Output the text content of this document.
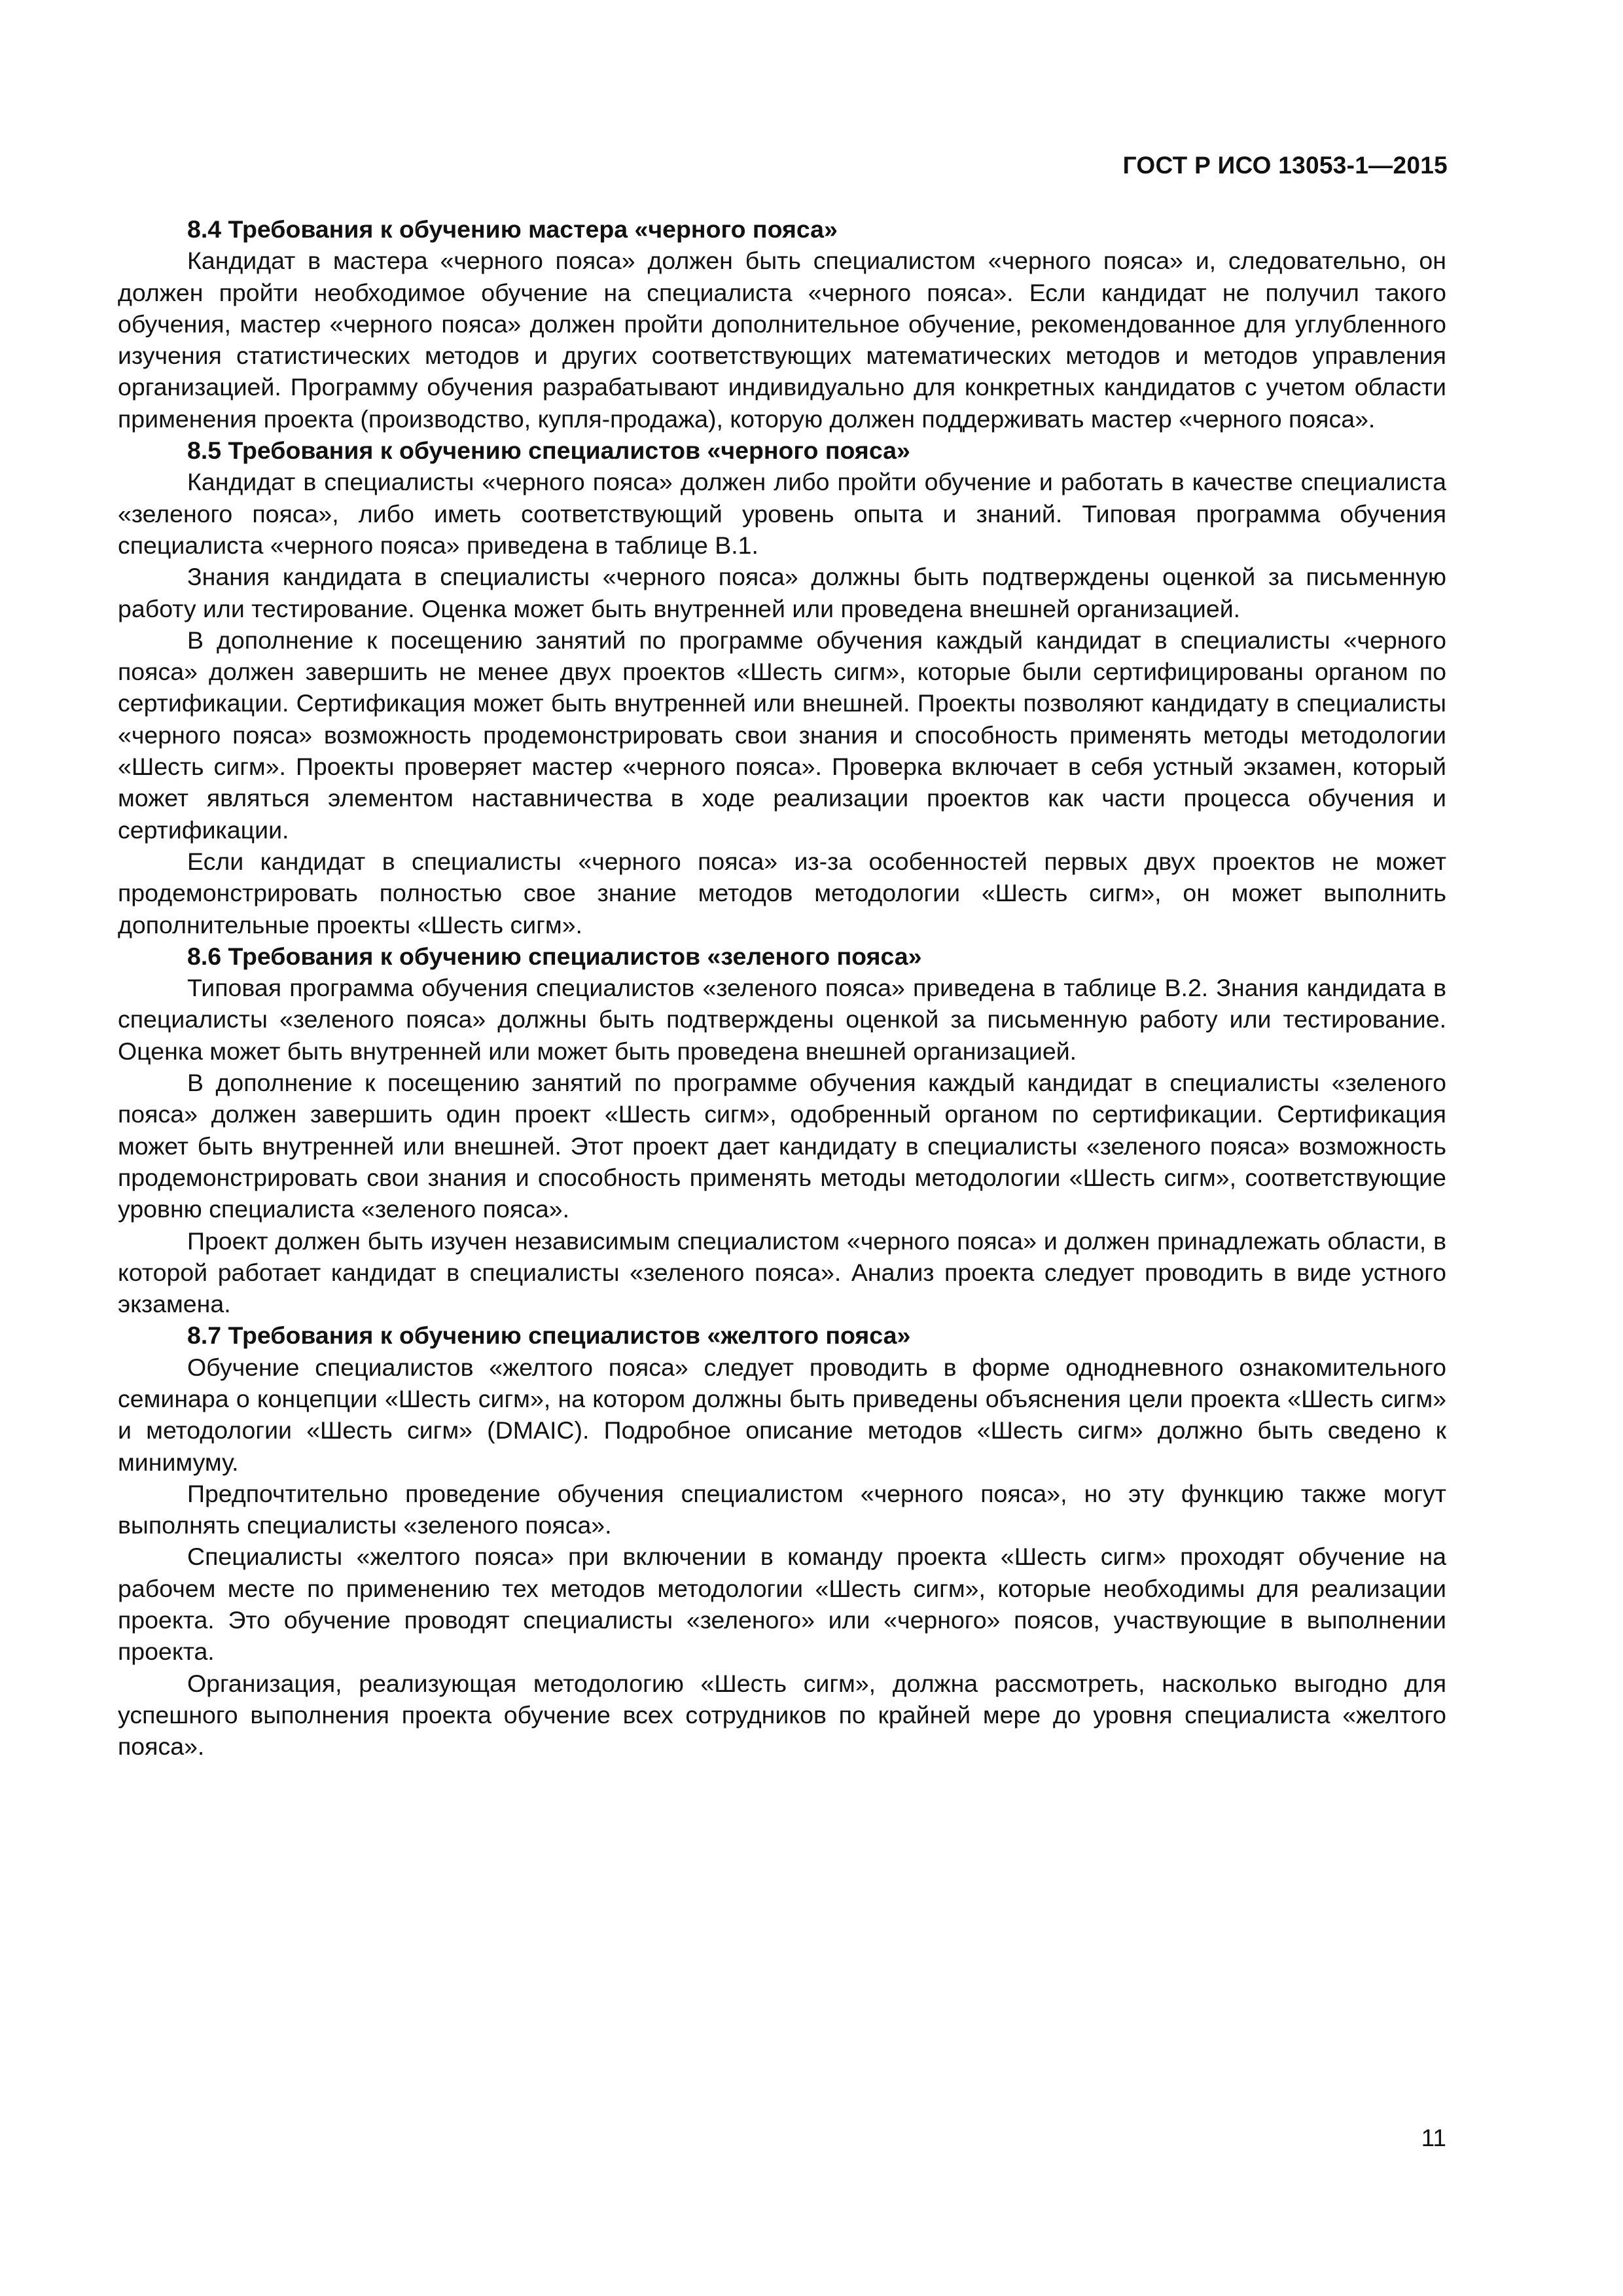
ГОСТ Р ИСО 13053-1—2015

8.4 Требования к обучению мастера «черного пояса»

Кандидат в мастера «черного пояса» должен быть специалистом «черного пояса» и, следовательно, он должен пройти необходимое обучение на специалиста «черного пояса». Если кандидат не получил такого обучения, мастер «черного пояса» должен пройти дополнительное обучение, рекомендованное для углубленного изучения статистических методов и других соответствующих математических методов и методов управления организацией. Программу обучения разрабатывают индивидуально для конкретных кандидатов с учетом области применения проекта (производство, купля-продажа), которую должен поддерживать мастер «черного пояса».

8.5 Требования к обучению специалистов «черного пояса»

Кандидат в специалисты «черного пояса» должен либо пройти обучение и работать в качестве специалиста «зеленого пояса», либо иметь соответствующий уровень опыта и знаний. Типовая программа обучения специалиста «черного пояса» приведена в таблице В.1.

Знания кандидата в специалисты «черного пояса» должны быть подтверждены оценкой за письменную работу или тестирование. Оценка может быть внутренней или проведена внешней организацией.

В дополнение к посещению занятий по программе обучения каждый кандидат в специалисты «черного пояса» должен завершить не менее двух проектов «Шесть сигм», которые были сертифицированы органом по сертификации. Сертификация может быть внутренней или внешней. Проекты позволяют кандидату в специалисты «черного пояса» возможность продемонстрировать свои знания и способность применять методы методологии «Шесть сигм». Проекты проверяет мастер «черного пояса». Проверка включает в себя устный экзамен, который может являться элементом наставничества в ходе реализации проектов как части процесса обучения и сертификации.

Если кандидат в специалисты «черного пояса» из-за особенностей первых двух проектов не может продемонстрировать полностью свое знание методов методологии «Шесть сигм», он может выполнить дополнительные проекты «Шесть сигм».

8.6 Требования к обучению специалистов «зеленого пояса»

Типовая программа обучения специалистов «зеленого пояса» приведена в таблице В.2. Знания кандидата в специалисты «зеленого пояса» должны быть подтверждены оценкой за письменную работу или тестирование. Оценка может быть внутренней или может быть проведена внешней организацией.

В дополнение к посещению занятий по программе обучения каждый кандидат в специалисты «зеленого пояса» должен завершить один проект «Шесть сигм», одобренный органом по сертификации. Сертификация может быть внутренней или внешней. Этот проект дает кандидату в специалисты «зеленого пояса» возможность продемонстрировать свои знания и способность применять методы методологии «Шесть сигм», соответствующие уровню специалиста «зеленого пояса».

Проект должен быть изучен независимым специалистом «черного пояса» и должен принадлежать области, в которой работает кандидат в специалисты «зеленого пояса». Анализ проекта следует проводить в виде устного экзамена.

8.7 Требования к обучению специалистов «желтого пояса»

Обучение специалистов «желтого пояса» следует проводить в форме однодневного ознакомительного семинара о концепции «Шесть сигм», на котором должны быть приведены объяснения цели проекта «Шесть сигм» и методологии «Шесть сигм» (DMAIC). Подробное описание методов «Шесть сигм» должно быть сведено к минимуму.

Предпочтительно проведение обучения специалистом «черного пояса», но эту функцию также могут выполнять специалисты «зеленого пояса».

Специалисты «желтого пояса» при включении в команду проекта «Шесть сигм» проходят обучение на рабочем месте по применению тех методов методологии «Шесть сигм», которые необходимы для реализации проекта. Это обучение проводят специалисты «зеленого» или «черного» поясов, участвующие в выполнении проекта.

Организация, реализующая методологию «Шесть сигм», должна рассмотреть, насколько выгодно для успешного выполнения проекта обучение всех сотрудников по крайней мере до уровня специалиста «желтого пояса».

11
